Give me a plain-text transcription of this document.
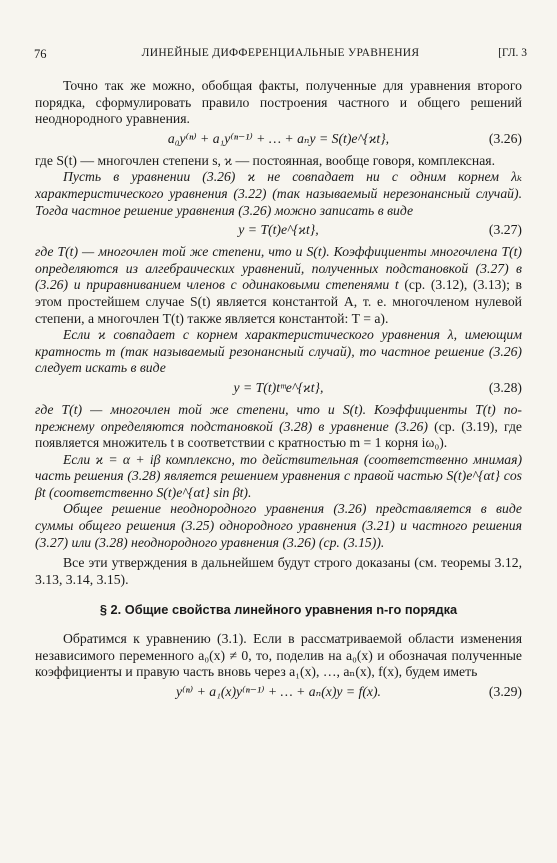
76	ЛИНЕЙНЫЕ ДИФФЕРЕНЦИАЛЬНЫЕ УРАВНЕНИЯ	[ГЛ. 3

Точно так же можно, обобщая факты, полученные для уравнения второго порядка, сформулировать правило построения частного и общего решений неоднородного уравнения.

a₀y⁽ⁿ⁾ + a₁y⁽ⁿ⁻¹⁾ + … + aₙy = S(t)e^{ϰt},	(3.26)

где S(t) — многочлен степени s, ϰ — постоянная, вообще говоря, комплексная.

Пусть в уравнении (3.26) ϰ не совпадает ни с одним корнем λₖ характеристического уравнения (3.22) (так называемый нерезонансный случай). Тогда частное решение уравнения (3.26) можно записать в виде

y = T(t)e^{ϰt},	(3.27)

где T(t) — многочлен той же степени, что и S(t). Коэффициенты многочлена T(t) определяются из алгебраических уравнений, полученных подстановкой (3.27) в (3.26) и приравниванием членов с одинаковыми степенями t (ср. (3.12), (3.13); в этом простейшем случае S(t) является константой A, т. е. многочленом нулевой степени, а многочлен T(t) также является константой: T = a).

Если ϰ совпадает с корнем характеристического уравнения λ, имеющим кратность m (так называемый резонансный случай), то частное решение (3.26) следует искать в виде

y = T(t)tᵐe^{ϰt},	(3.28)

где T(t) — многочлен той же степени, что и S(t). Коэффициенты T(t) по-прежнему определяются подстановкой (3.28) в уравнение (3.26) (ср. (3.19), где появляется множитель t в соответствии с кратностью m = 1 корня iω₀).

Если ϰ = α + iβ комплексно, то действительная (соответственно мнимая) часть решения (3.28) является решением уравнения с правой частью S(t)e^{αt} cos βt (соответственно S(t)e^{αt} sin βt).

Общее решение неоднородного уравнения (3.26) представляется в виде суммы общего решения (3.25) однородного уравнения (3.21) и частного решения (3.27) или (3.28) неоднородного уравнения (3.26) (ср. (3.15)).

Все эти утверждения в дальнейшем будут строго доказаны (см. теоремы 3.12, 3.13, 3.14, 3.15).

§ 2. Общие свойства линейного уравнения n-го порядка

Обратимся к уравнению (3.1). Если в рассматриваемой области изменения независимого переменного a₀(x) ≠ 0, то, поделив на a₀(x) и обозначая полученные коэффициенты и правую часть вновь через a₁(x), …, aₙ(x), f(x), будем иметь

y⁽ⁿ⁾ + a₁(x)y⁽ⁿ⁻¹⁾ + … + aₙ(x)y = f(x).	(3.29)
